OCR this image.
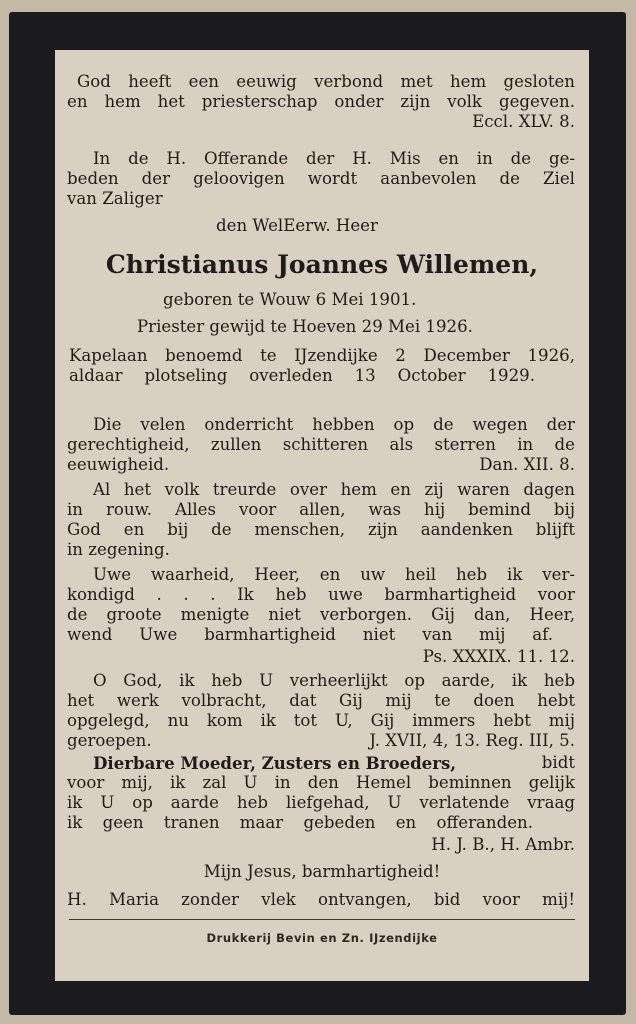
God heeft een eeuwig verbond met hem gesloten
en hem het priesterschap onder zijn volk gegeven.
Eccl. XLV. 8.
In de H. Offerande der H. Mis en in de ge-
beden der geloovigen wordt aanbevolen de Ziel
van Zaliger
den WelEerw. Heer
Christianus Joannes Willemen,
geboren te Wouw 6 Mei 1901.
Priester gewijd te Hoeven 29 Mei 1926.
Kapelaan benoemd te IJzendijke 2 December 1926,
aldaar plotseling overleden 13 October 1929.
Die velen onderricht hebben op de wegen der
gerechtigheid, zullen schitteren als sterren in de
eeuwigheid.	Dan. XII. 8.
Al het volk treurde over hem en zij waren dagen
in rouw. Alles voor allen, was hij bemind bij
God en bij de menschen, zijn aandenken blijft
in zegening.
Uwe waarheid, Heer, en uw heil heb ik ver-
kondigd . . . Ik heb uwe barmhartigheid voor
de groote menigte niet verborgen. Gij dan, Heer,
wend Uwe barmhartigheid niet van mij af.
Ps. XXXIX. 11. 12.
O God, ik heb U verheerlijkt op aarde, ik heb
het werk volbracht, dat Gij mij te doen hebt
opgelegd, nu kom ik tot U, Gij immers hebt mij
geroepen.	J. XVII, 4, 13. Reg. III, 5.
Dierbare Moeder, Zusters en Broeders,	bidt
voor mij, ik zal U in den Hemel beminnen gelijk
ik U op aarde heb liefgehad, U verlatende vraag
ik geen tranen maar gebeden en offeranden.
H. J. B., H. Ambr.
Mijn Jesus, barmhartigheid!
H. Maria zonder vlek ontvangen, bid voor mij!
Drukkerij Bevin en Zn. IJzendijke
